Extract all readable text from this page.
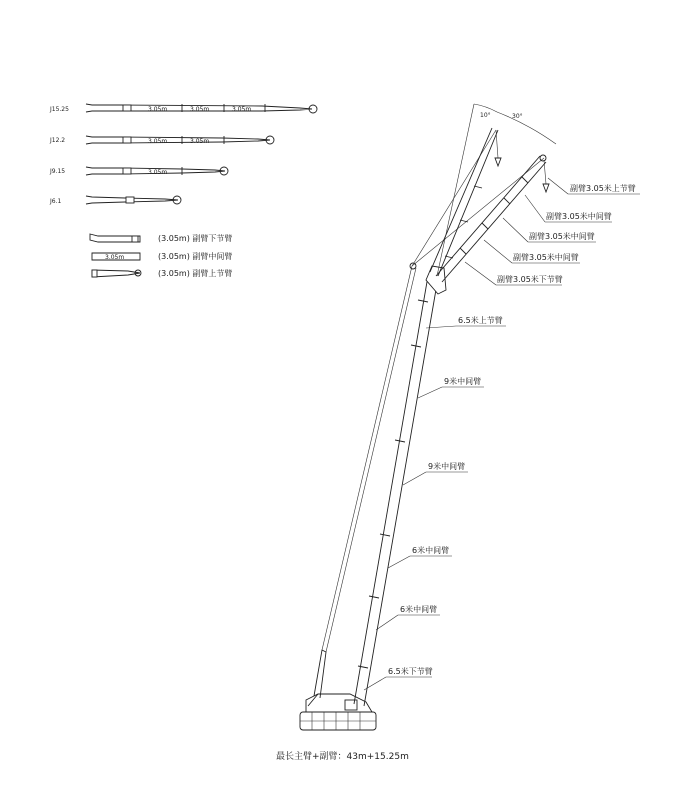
J15.25	3.05m	3.05m	3.05m
J12.2	3.05m	3.05m
J9.15	3.05m
J6.1
(3.05m) 副臂下节臂
3.05m	(3.05m) 副臂中间臂
(3.05m) 副臂上节臂
10°	30°
副臂3.05米上节臂
副臂3.05米中间臂
副臂3.05米中间臂
副臂3.05米中间臂
副臂3.05米下节臂
6.5米上节臂
9米中间臂
9米中间臂
6米中间臂
6米中间臂
6.5米下节臂
最长主臂+副臂：43m+15.25m
